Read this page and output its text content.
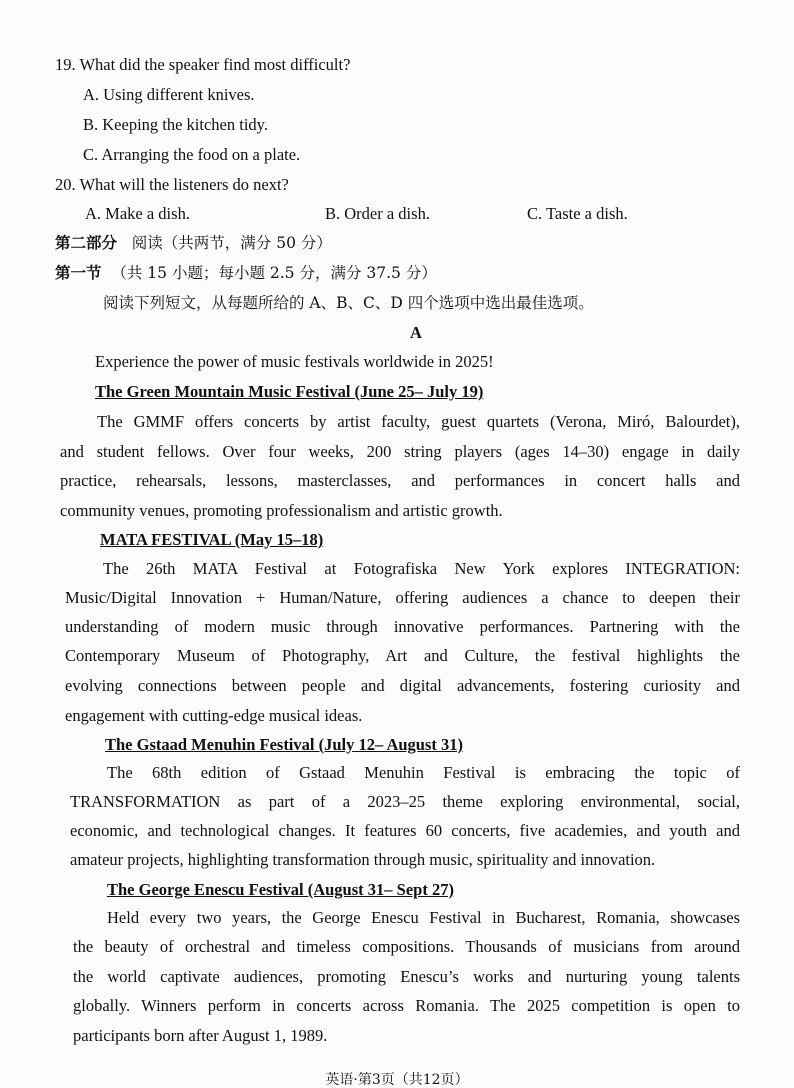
19. What did the speaker find most difficult?
A. Using different knives.
B. Keeping the kitchen tidy.
C. Arranging the food on a plate.
20. What will the listeners do next?
A. Make a dish.	B. Order a dish.	C. Taste a dish.
第二部分 阅读（共两节，满分 50 分）
第一节 （共 15 小题；每小题 2.5 分，满分 37.5 分）
阅读下列短文，从每题所给的 A、B、C、D 四个选项中选出最佳选项。
A
Experience the power of music festivals worldwide in 2025!
The Green Mountain Music Festival (June 25– July 19)
The GMMF offers concerts by artist faculty, guest quartets (Verona, Miró, Balourdet),
and student fellows. Over four weeks, 200 string players (ages 14–30) engage in daily
practice, rehearsals, lessons, masterclasses, and performances in concert halls and
community venues, promoting professionalism and artistic growth.
MATA FESTIVAL (May 15–18)
The 26th MATA Festival at Fotografiska New York explores INTEGRATION:
Music/Digital Innovation + Human/Nature, offering audiences a chance to deepen their
understanding of modern music through innovative performances. Partnering with the
Contemporary Museum of Photography, Art and Culture, the festival highlights the
evolving connections between people and digital advancements, fostering curiosity and
engagement with cutting-edge musical ideas.
The Gstaad Menuhin Festival (July 12– August 31)
The 68th edition of Gstaad Menuhin Festival is embracing the topic of
TRANSFORMATION as part of a 2023–25 theme exploring environmental, social,
economic, and technological changes. It features 60 concerts, five academies, and youth and
amateur projects, highlighting transformation through music, spirituality and innovation.
The George Enescu Festival (August 31– Sept 27)
Held every two years, the George Enescu Festival in Bucharest, Romania, showcases
the beauty of orchestral and timeless compositions. Thousands of musicians from around
the world captivate audiences, promoting Enescu’s works and nurturing young talents
globally. Winners perform in concerts across Romania. The 2025 competition is open to
participants born after August 1, 1989.
英语·第3页（共12页）
